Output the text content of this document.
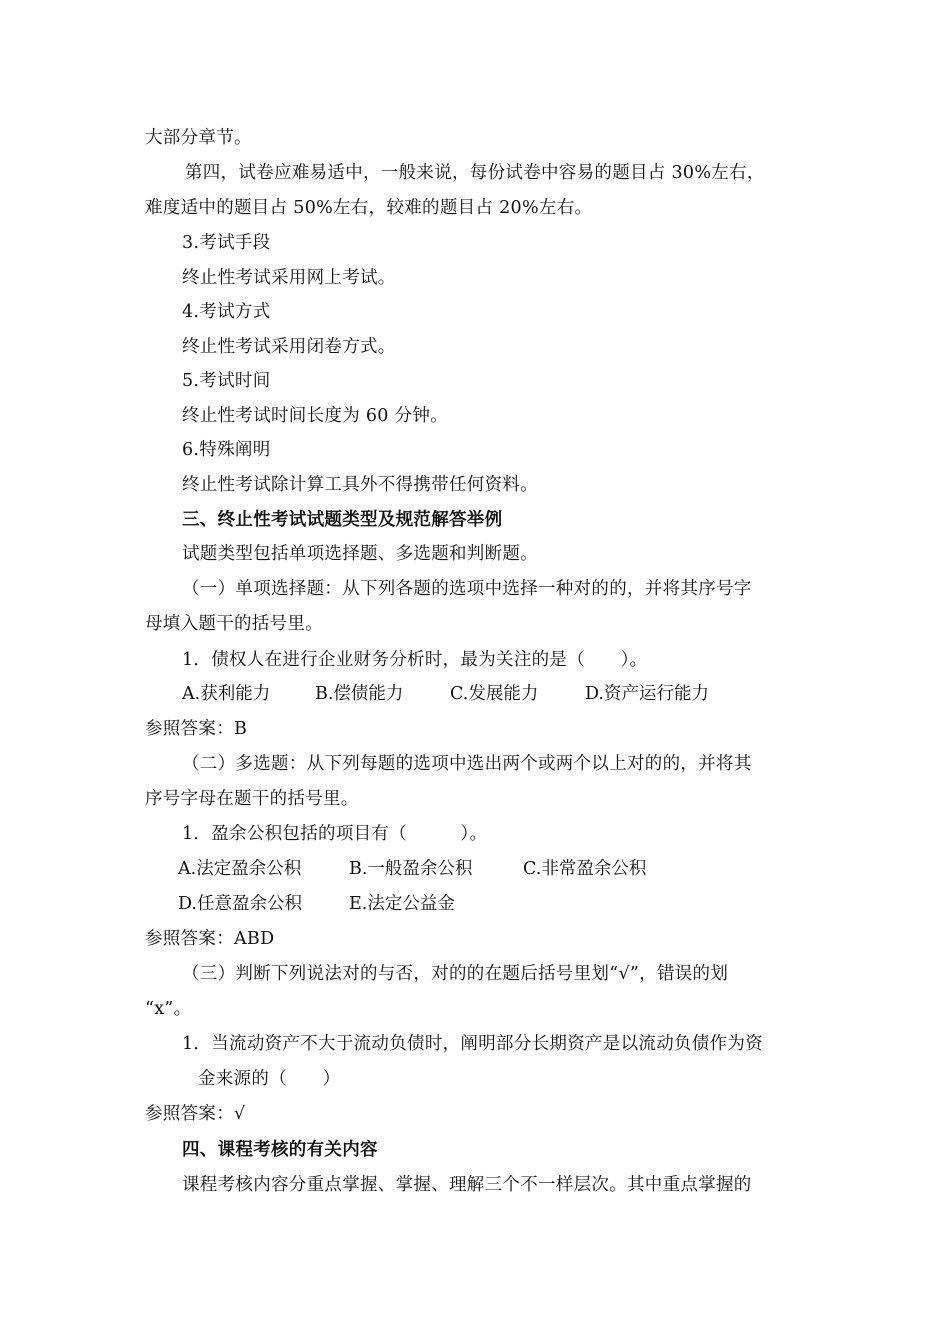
大部分章节。
第四，试卷应难易适中，一般来说，每份试卷中容易的题目占 30%左右，
难度适中的题目占 50%左右，较难的题目占 20%左右。
3.考试手段
终止性考试采用网上考试。
4.考试方式
终止性考试采用闭卷方式。
5.考试时间
终止性考试时间长度为 60 分钟。
6.特殊阐明
终止性考试除计算工具外不得携带任何资料。
三、终止性考试试题类型及规范解答举例
试题类型包括单项选择题、多选题和判断题。
（一）单项选择题：从下列各题的选项中选择一种对的的，并将其序号字
母填入题干的括号里。
1．债权人在进行企业财务分析时，最为关注的是（　　）。
A.获利能力	B.偿债能力	C.发展能力	D.资产运行能力
参照答案：B
（二）多选题：从下列每题的选项中选出两个或两个以上对的的，并将其
序号字母在题干的括号里。
1．盈余公积包括的项目有（　　　）。
A.法定盈余公积	B.一般盈余公积	C.非常盈余公积
D.任意盈余公积	E.法定公益金
参照答案：ABD
（三）判断下列说法对的与否，对的的在题后括号里划“√”，错误的划
“x”。
1．当流动资产不大于流动负债时，阐明部分长期资产是以流动负债作为资
金来源的（　　）
参照答案：√
四、课程考核的有关内容
课程考核内容分重点掌握、掌握、理解三个不一样层次。其中重点掌握的
